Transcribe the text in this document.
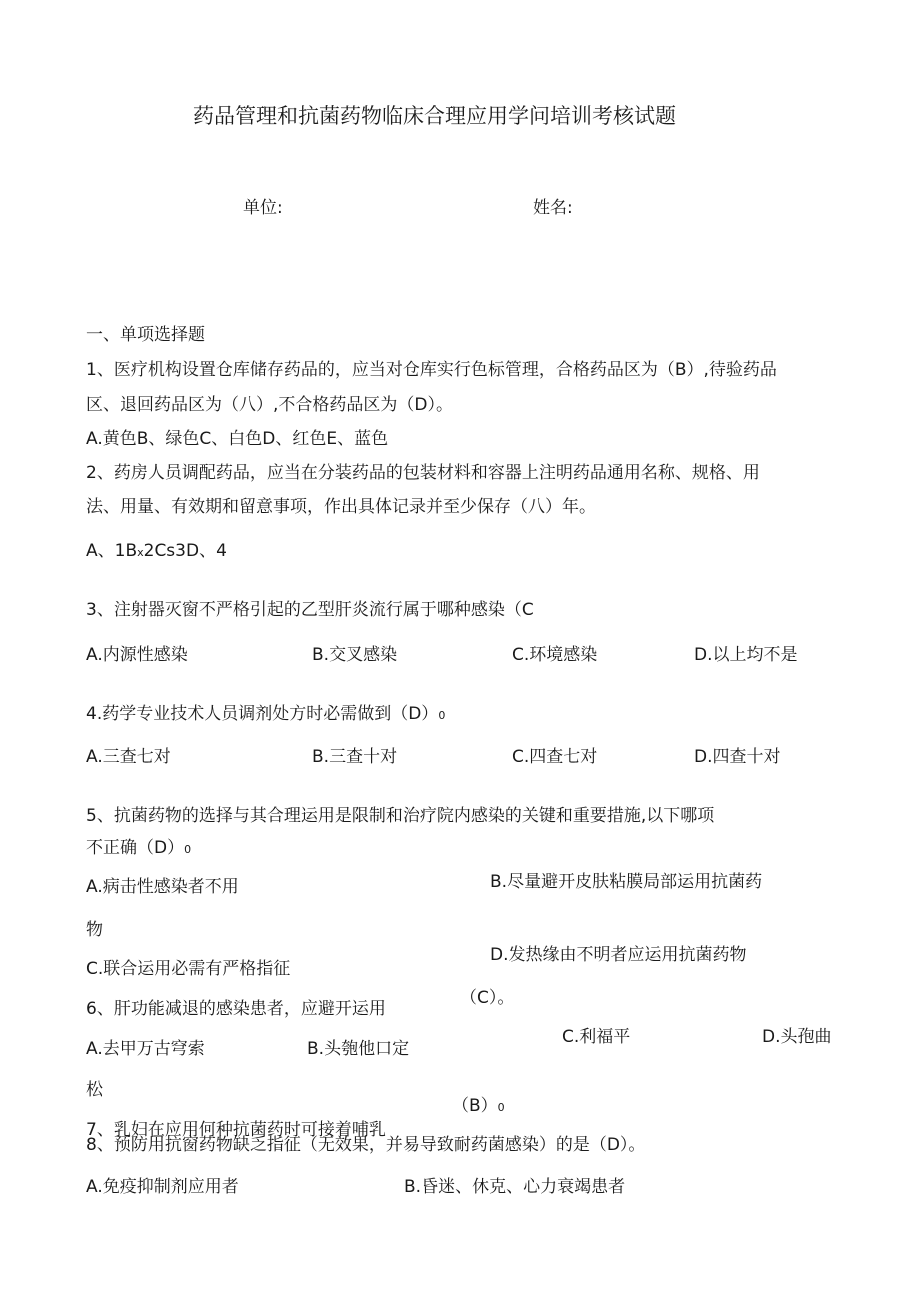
药品管理和抗菌药物临床合理应用学问培训考核试题
单位:	姓名:
一、单项选择题
1、医疗机构设置仓库储存药品的，应当对仓库实行色标管理，合格药品区为（B）,待验药品
区、退回药品区为（八）,不合格药品区为（D）。
A.黄色B、绿色C、白色D、红色E、蓝色
2、药房人员调配药品，应当在分装药品的包装材料和容器上注明药品通用名称、规格、用
法、用量、有效期和留意事项，作出具体记录并至少保存（八）年。
A、1Bx2Cs3D、4
3、注射器灭窗不严格引起的乙型肝炎流行属于哪种感染（C
A.内源性感染	B.交叉感染	C.环境感染	D.以上均不是
4.药学专业技术人员调剂处方时必需做到（D）0
A.三查七对	B.三查十对	C.四查七对	D.四查十对
5、抗菌药物的选择与其合理运用是限制和治疗院内感染的关键和重要措施,以下哪项
不正确（D）0
A.病击性感染者不用	B.尽量避开皮肤粘膜局部运用抗菌药
物
D.发热缘由不明者应运用抗菌药物
C.联合运用必需有严格指征
（C）。
6、肝功能减退的感染患者，应避开运用
C.利福平	D.头孢曲
A.去甲万古穹索	B.头匏他口定
松
（B）0
7、乳妇在应用何种抗菌药时可接着哺乳
8、预防用抗窗药物缺乏指征（无效果，并易导致耐药菌感染）的是（D）。
A.免疫抑制剂应用者	B.昏迷、休克、心力衰竭患者
